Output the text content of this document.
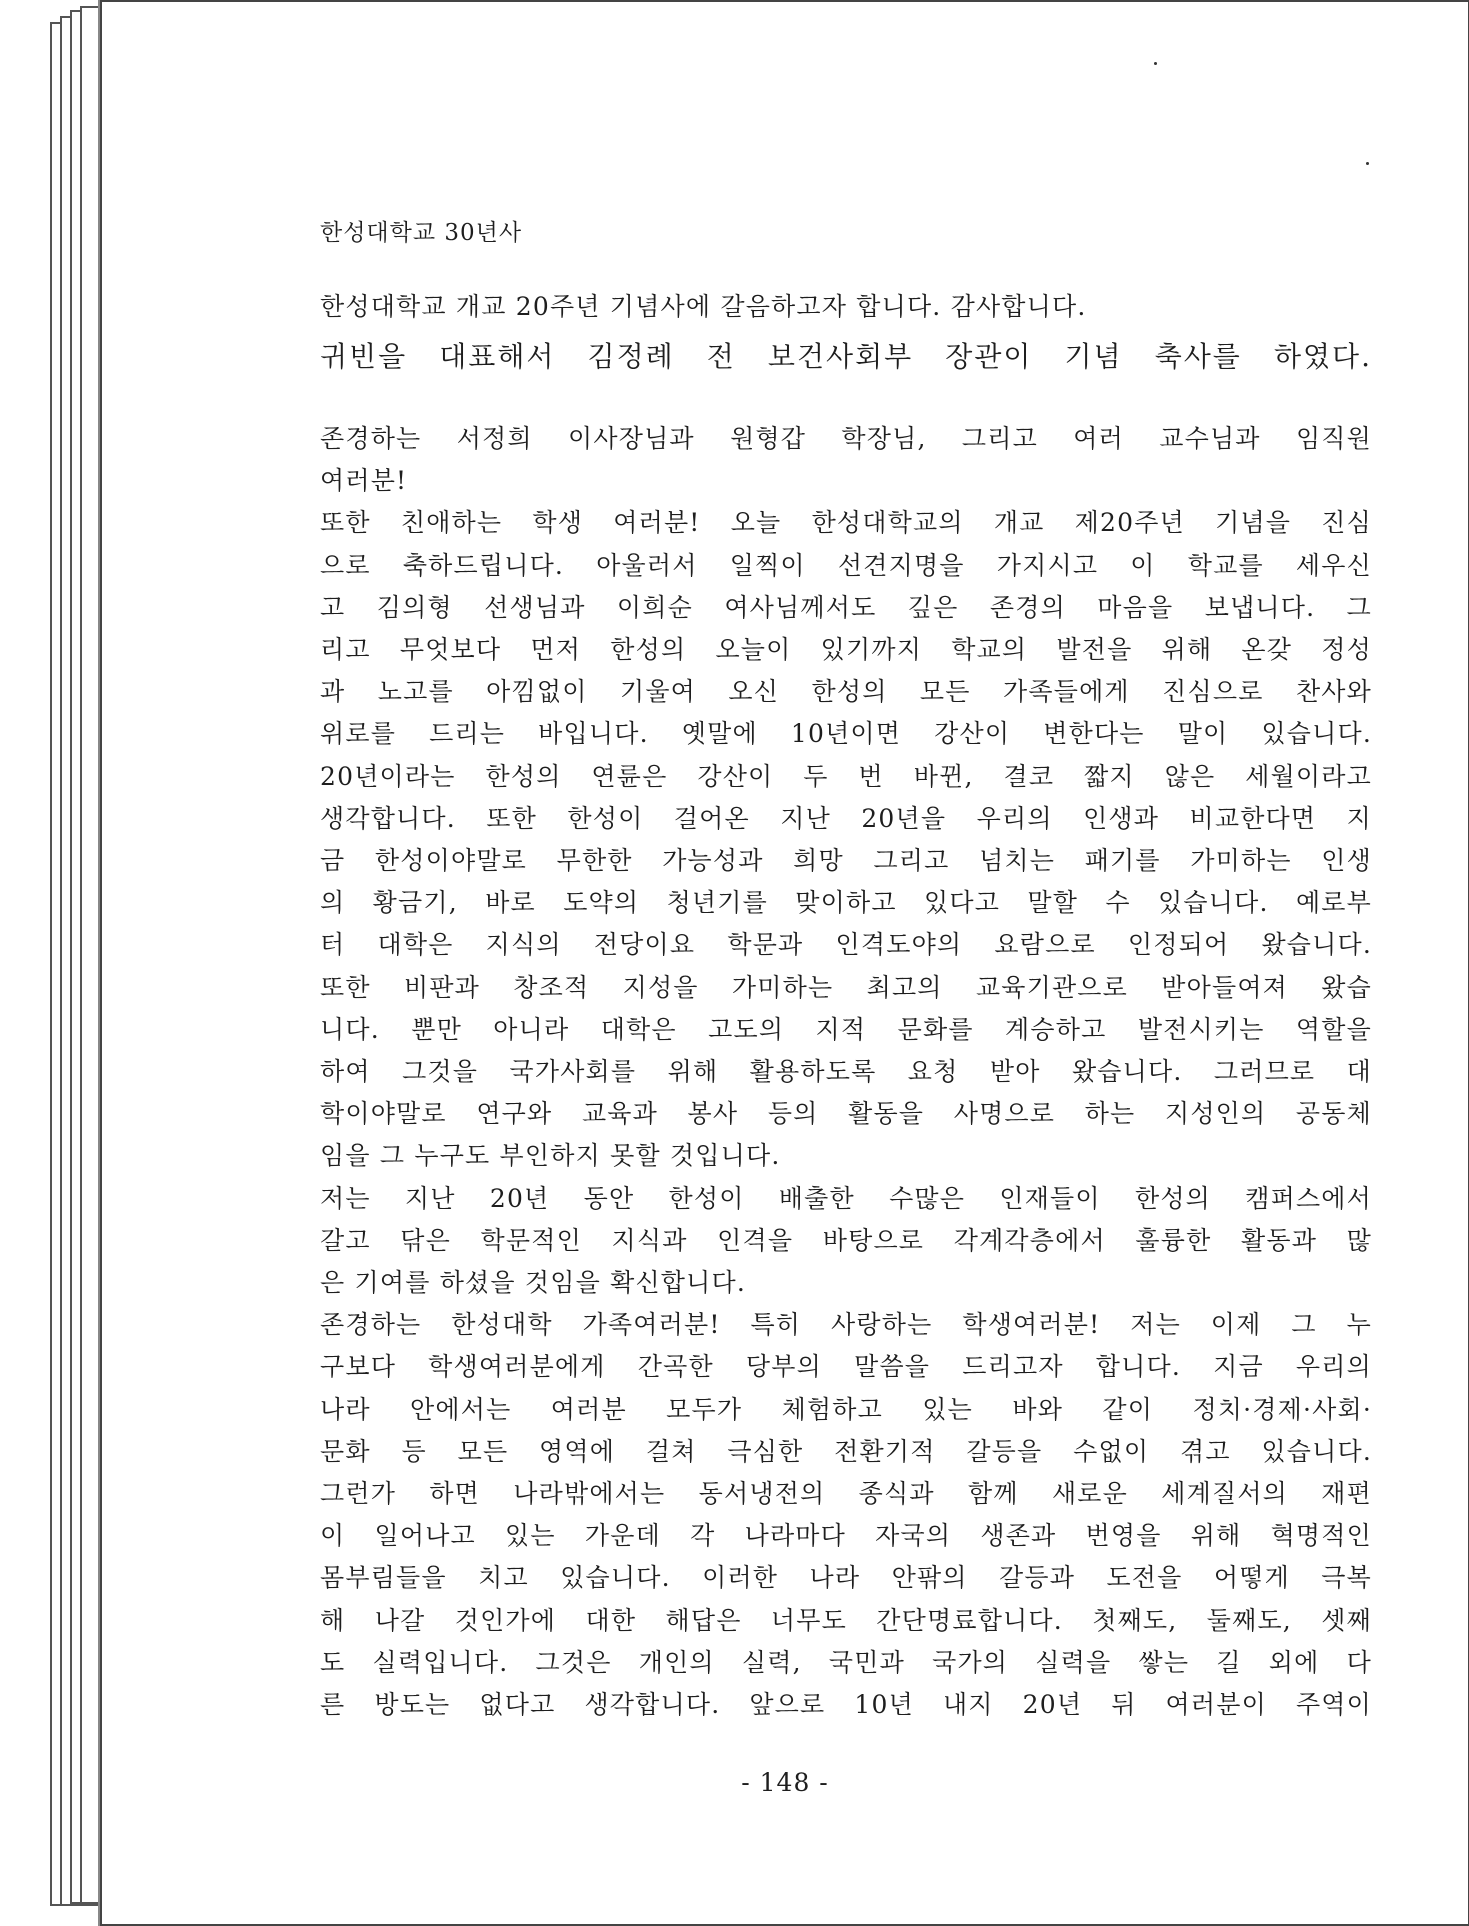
한성대학교 30년사
한성대학교 개교 20주년 기념사에 갈음하고자 합니다. 감사합니다.
귀빈을 대표해서 김정례 전 보건사회부 장관이 기념 축사를 하였다.
존경하는 서정희 이사장님과 원형갑 학장님, 그리고 여러 교수님과 임직원
여러분!
또한 친애하는 학생 여러분! 오늘 한성대학교의 개교 제20주년 기념을 진심
으로 축하드립니다. 아울러서 일찍이 선견지명을 가지시고 이 학교를 세우신
고 김의형 선생님과 이희순 여사님께서도 깊은 존경의 마음을 보냅니다. 그
리고 무엇보다 먼저 한성의 오늘이 있기까지 학교의 발전을 위해 온갖 정성
과 노고를 아낌없이 기울여 오신 한성의 모든 가족들에게 진심으로 찬사와
위로를 드리는 바입니다. 옛말에 10년이면 강산이 변한다는 말이 있습니다.
20년이라는 한성의 연륜은 강산이 두 번 바뀐, 결코 짧지 않은 세월이라고
생각합니다. 또한 한성이 걸어온 지난 20년을 우리의 인생과 비교한다면 지
금 한성이야말로 무한한 가능성과 희망 그리고 넘치는 패기를 가미하는 인생
의 황금기, 바로 도약의 청년기를 맞이하고 있다고 말할 수 있습니다. 예로부
터 대학은 지식의 전당이요 학문과 인격도야의 요람으로 인정되어 왔습니다.
또한 비판과 창조적 지성을 가미하는 최고의 교육기관으로 받아들여져 왔습
니다. 뿐만 아니라 대학은 고도의 지적 문화를 계승하고 발전시키는 역할을
하여 그것을 국가사회를 위해 활용하도록 요청 받아 왔습니다. 그러므로 대
학이야말로 연구와 교육과 봉사 등의 활동을 사명으로 하는 지성인의 공동체
임을 그 누구도 부인하지 못할 것입니다.
저는 지난 20년 동안 한성이 배출한 수많은 인재들이 한성의 캠퍼스에서
갈고 닦은 학문적인 지식과 인격을 바탕으로 각계각층에서 훌륭한 활동과 많
은 기여를 하셨을 것임을 확신합니다.
존경하는 한성대학 가족여러분! 특히 사랑하는 학생여러분! 저는 이제 그 누
구보다 학생여러분에게 간곡한 당부의 말씀을 드리고자 합니다. 지금 우리의
나라 안에서는 여러분 모두가 체험하고 있는 바와 같이 정치·경제·사회·
문화 등 모든 영역에 걸쳐 극심한 전환기적 갈등을 수없이 겪고 있습니다.
그런가 하면 나라밖에서는 동서냉전의 종식과 함께 새로운 세계질서의 재편
이 일어나고 있는 가운데 각 나라마다 자국의 생존과 번영을 위해 혁명적인
몸부림들을 치고 있습니다. 이러한 나라 안팎의 갈등과 도전을 어떻게 극복
해 나갈 것인가에 대한 해답은 너무도 간단명료합니다. 첫째도, 둘째도, 셋째
도 실력입니다. 그것은 개인의 실력, 국민과 국가의 실력을 쌓는 길 외에 다
른 방도는 없다고 생각합니다. 앞으로 10년 내지 20년 뒤 여러분이 주역이
- 148 -
